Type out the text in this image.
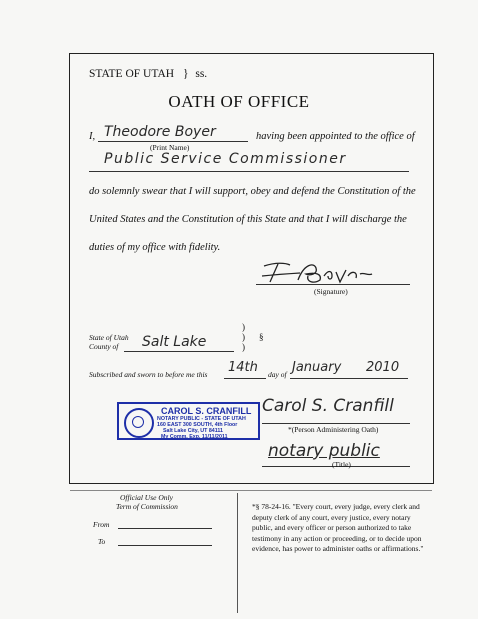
STATE OF UTAH } ss.
OATH OF OFFICE
I, Theodore Boyer
(Print Name)
having been appointed to the office of
Public Service Commissioner
do solemnly swear that I will support, obey and defend the Constitution of the
United States and the Constitution of this State and that I will discharge the
duties of my office with fidelity.
(Signature)
State of Utah
County of Salt Lake
)
)
)
§
Subscribed and sworn to before me this 14th day of January 2010
CAROL S. CRANFILL
NOTARY PUBLIC - STATE OF UTAH
160 EAST 300 SOUTH, 4th Floor
Salt Lake City, UT 84111
My Comm. Exp. 11/11/2011
Carol S. Cranfill
*(Person Administering Oath)
notary public
(Title)
Official Use Only
Term of Commission
From
To
*§ 78-24-16. "Every court, every judge, every clerk and deputy clerk of any court, every justice, every notary public, and every officer or person authorized to take testimony in any action or proceeding, or to decide upon evidence, has power to administer oaths or affirmations."
